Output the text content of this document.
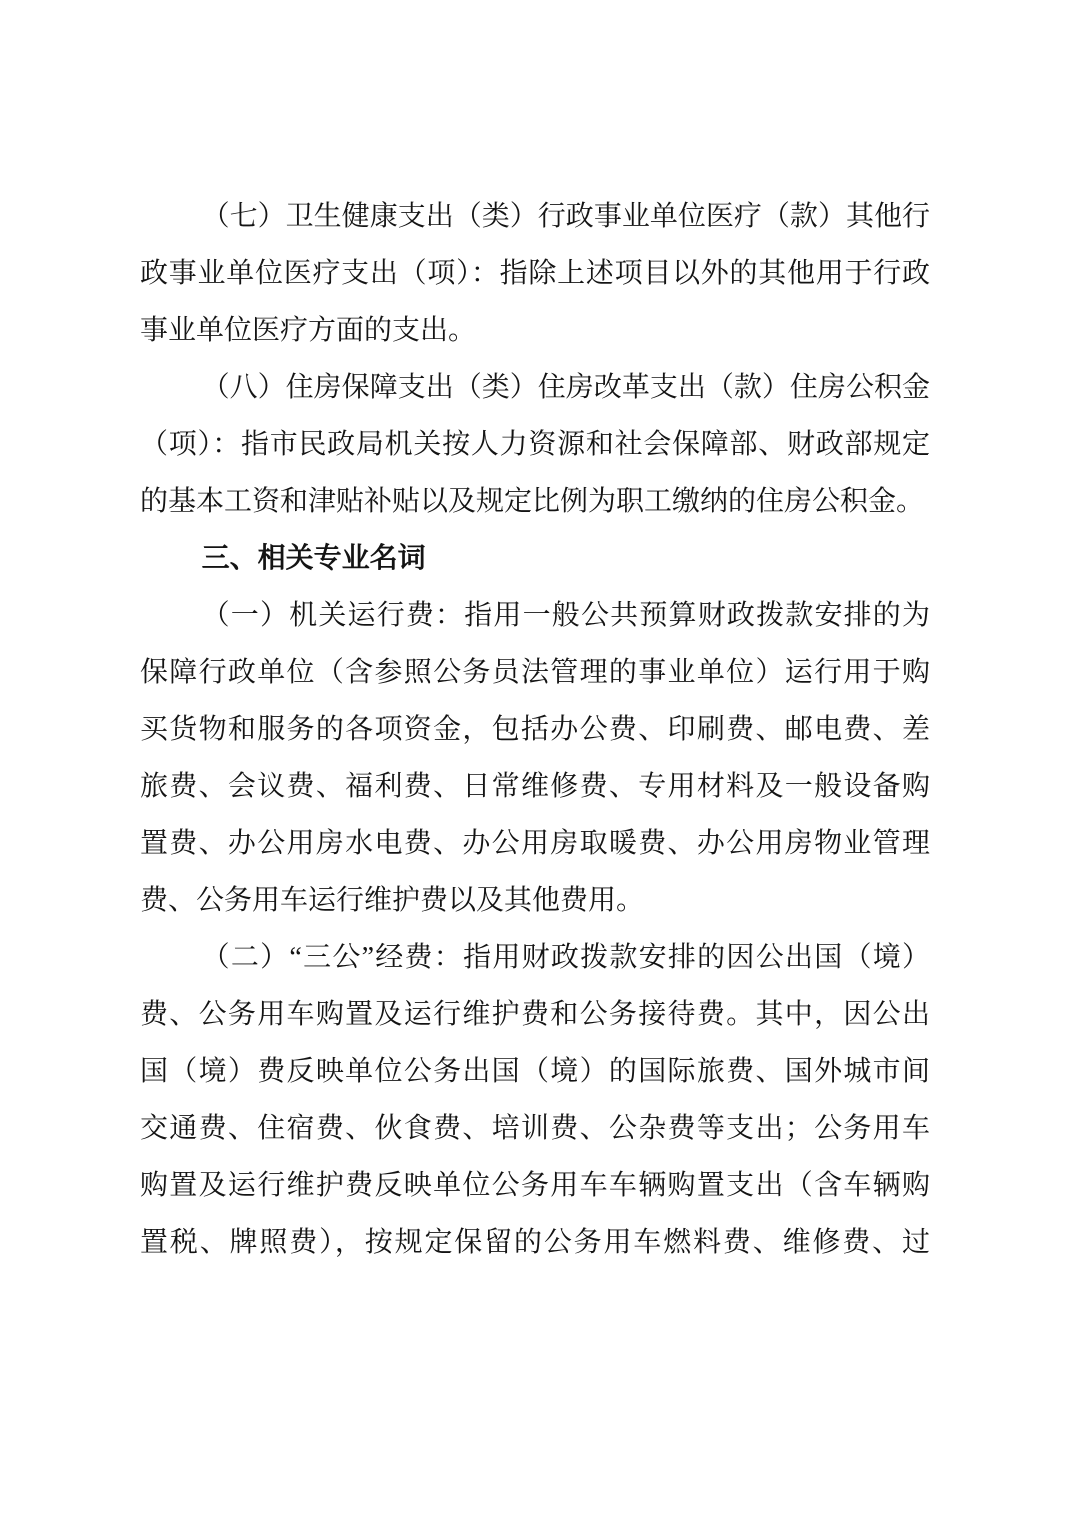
（七）卫生健康支出（类）行政事业单位医疗（款）其他行
政事业单位医疗支出（项）：指除上述项目以外的其他用于行政
事业单位医疗方面的支出。
（八）住房保障支出（类）住房改革支出（款）住房公积金
（项）：指市民政局机关按人力资源和社会保障部、财政部规定
的基本工资和津贴补贴以及规定比例为职工缴纳的住房公积金。
三、相关专业名词
（一）机关运行费：指用一般公共预算财政拨款安排的为
保障行政单位（含参照公务员法管理的事业单位）运行用于购
买货物和服务的各项资金，包括办公费、印刷费、邮电费、差
旅费、会议费、福利费、日常维修费、专用材料及一般设备购
置费、办公用房水电费、办公用房取暖费、办公用房物业管理
费、公务用车运行维护费以及其他费用。
（二）“三公”经费：指用财政拨款安排的因公出国（境）
费、公务用车购置及运行维护费和公务接待费。其中，因公出
国（境）费反映单位公务出国（境）的国际旅费、国外城市间
交通费、住宿费、伙食费、培训费、公杂费等支出；公务用车
购置及运行维护费反映单位公务用车车辆购置支出（含车辆购
置税、牌照费），按规定保留的公务用车燃料费、维修费、过
